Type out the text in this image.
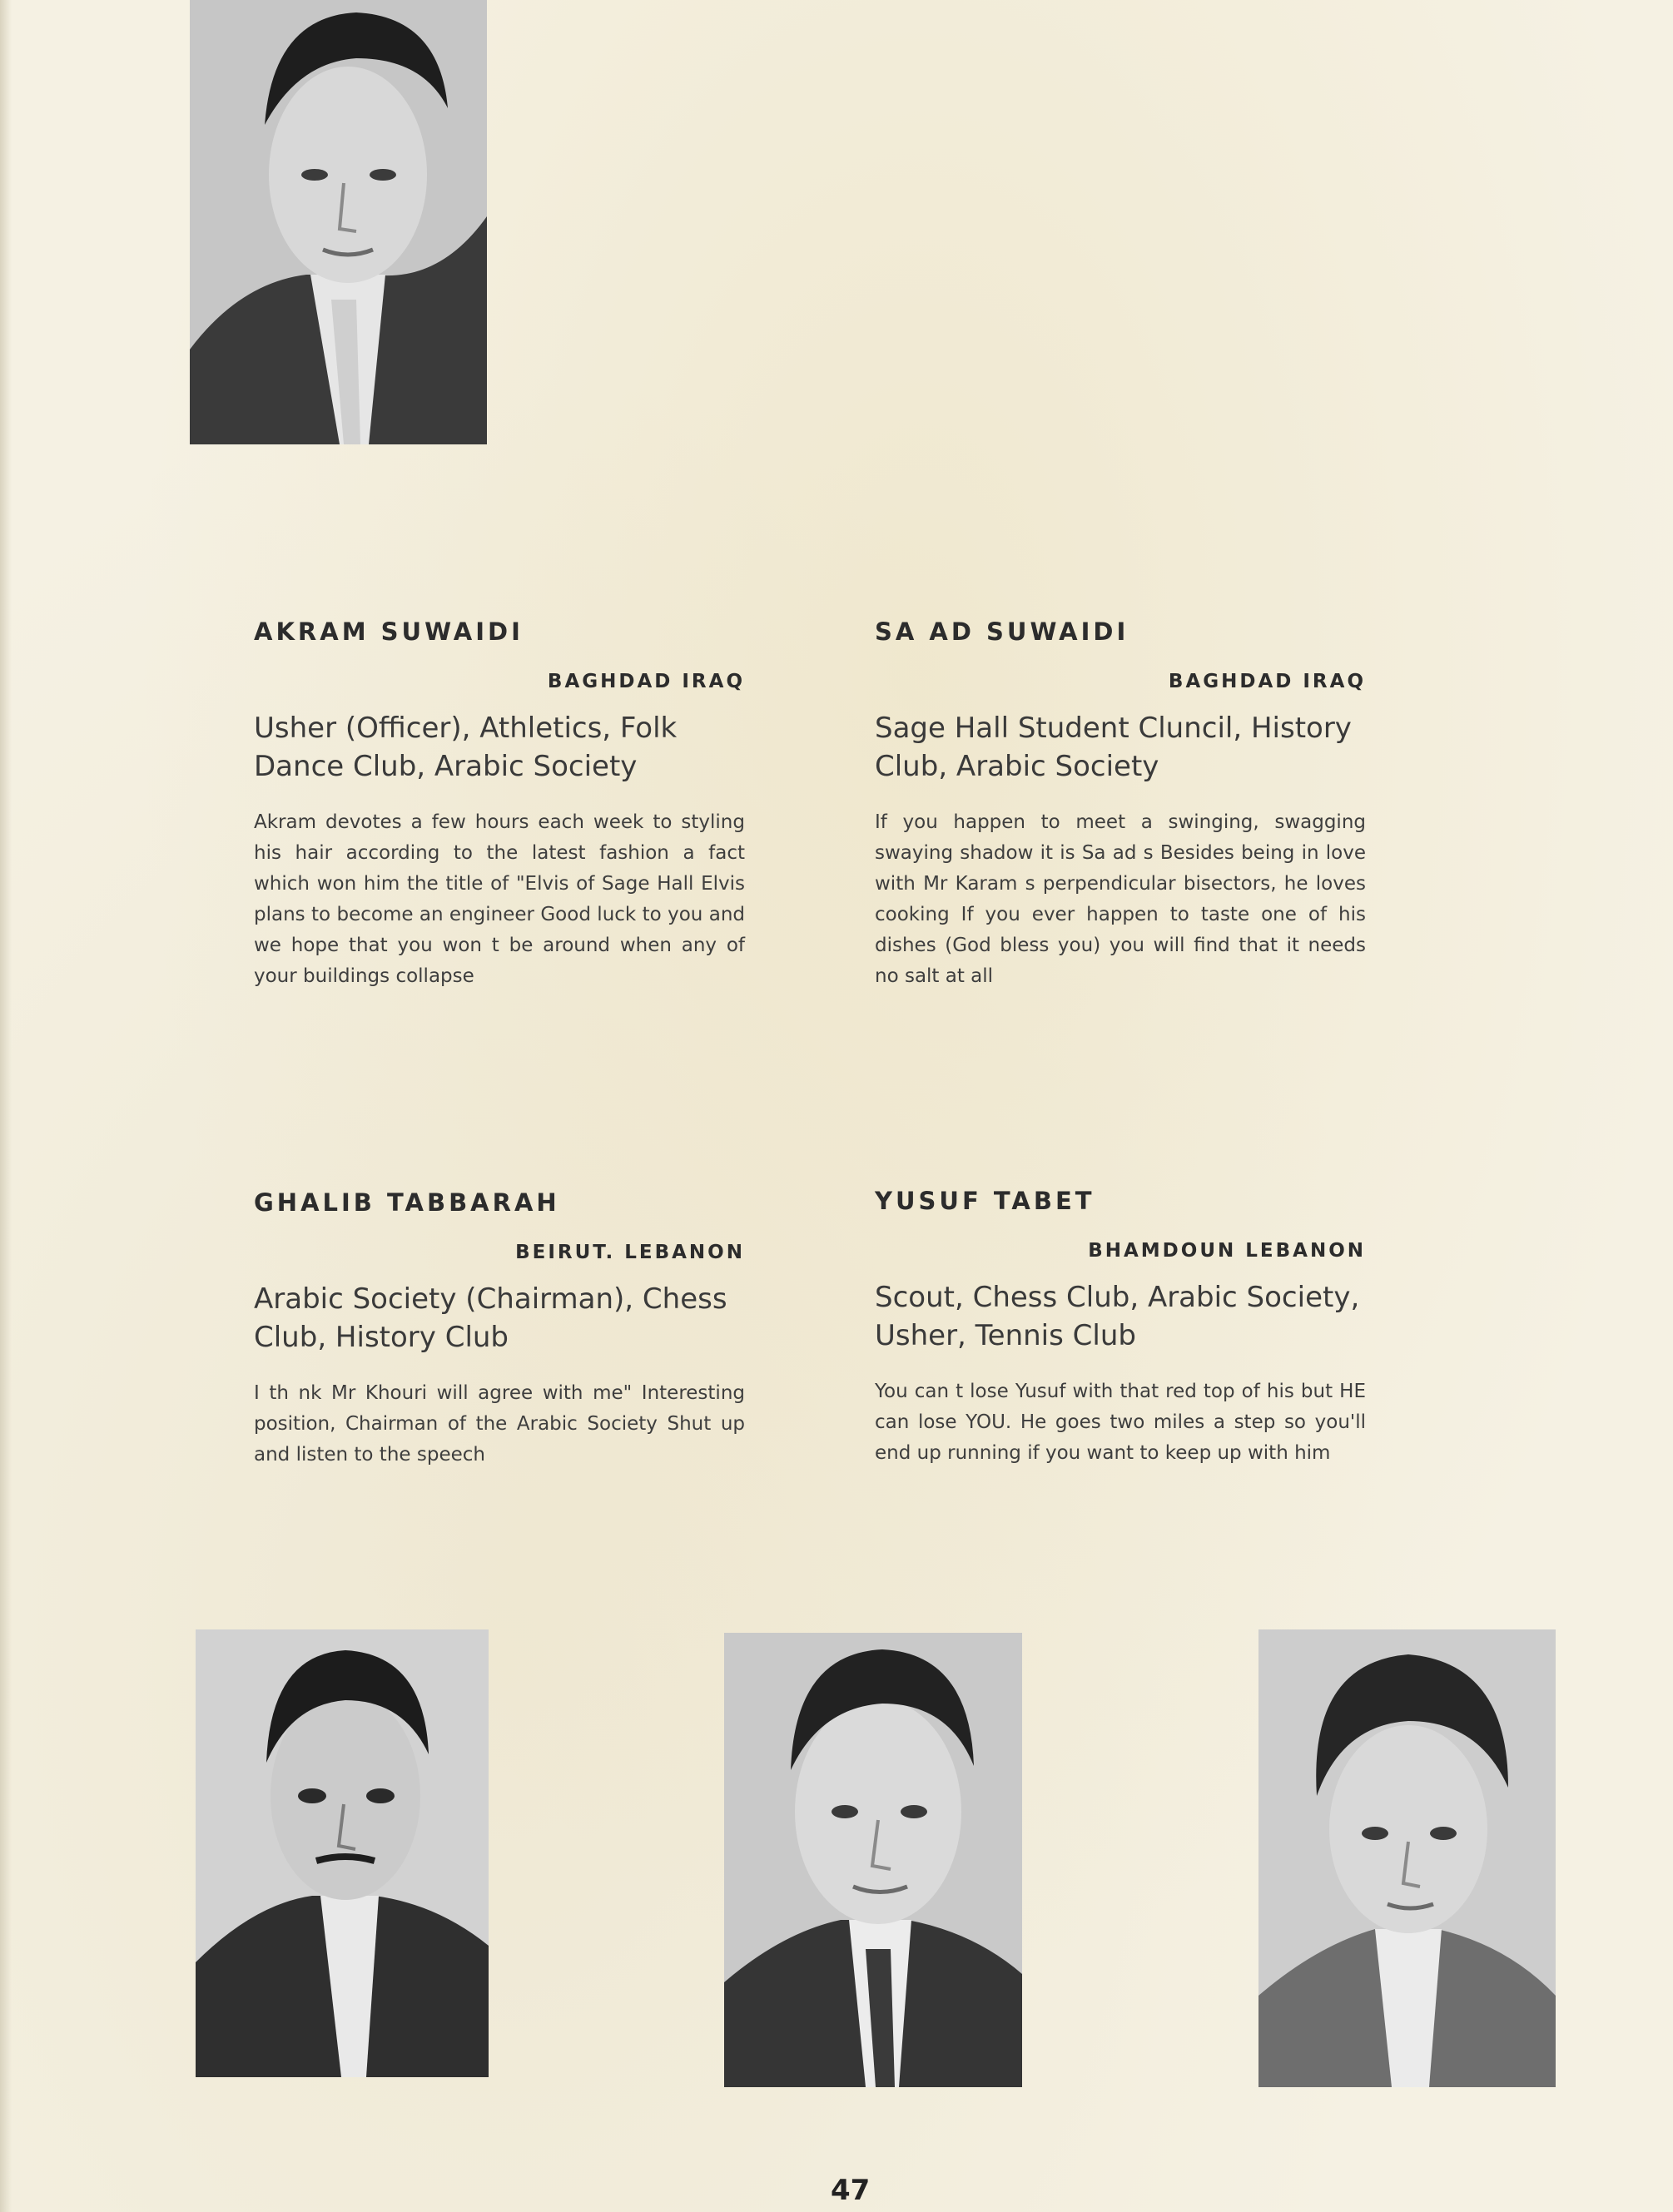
AKRAM SUWAIDI
BAGHDAD IRAQ
Usher (Officer), Athletics, Folk Dance Club, Arabic Society
Akram devotes a few hours each week to styling his hair according to the latest fashion a fact which won him the title of "Elvis of Sage Hall Elvis plans to become an engineer Good luck to you and we hope that you won t be around when any of your buildings collapse
SA AD SUWAIDI
BAGHDAD IRAQ
Sage Hall Student Cluncil, History Club, Arabic Society
If you happen to meet a swinging, swagging swaying shadow it is Sa ad s Besides being in love with Mr Karam s perpendicular bisectors, he loves cooking If you ever happen to taste one of his dishes (God bless you) you will find that it needs no salt at all
GHALIB TABBARAH
BEIRUT. LEBANON
Arabic Society (Chairman), Chess Club, History Club
I th nk Mr Khouri will agree with me" Interesting position, Chairman of the Arabic Society Shut up and listen to the speech
YUSUF TABET
BHAMDOUN LEBANON
Scout, Chess Club, Arabic Society, Usher, Tennis Club
You can t lose Yusuf with that red top of his but HE can lose YOU. He goes two miles a step so you'll end up running if you want to keep up with him
47
